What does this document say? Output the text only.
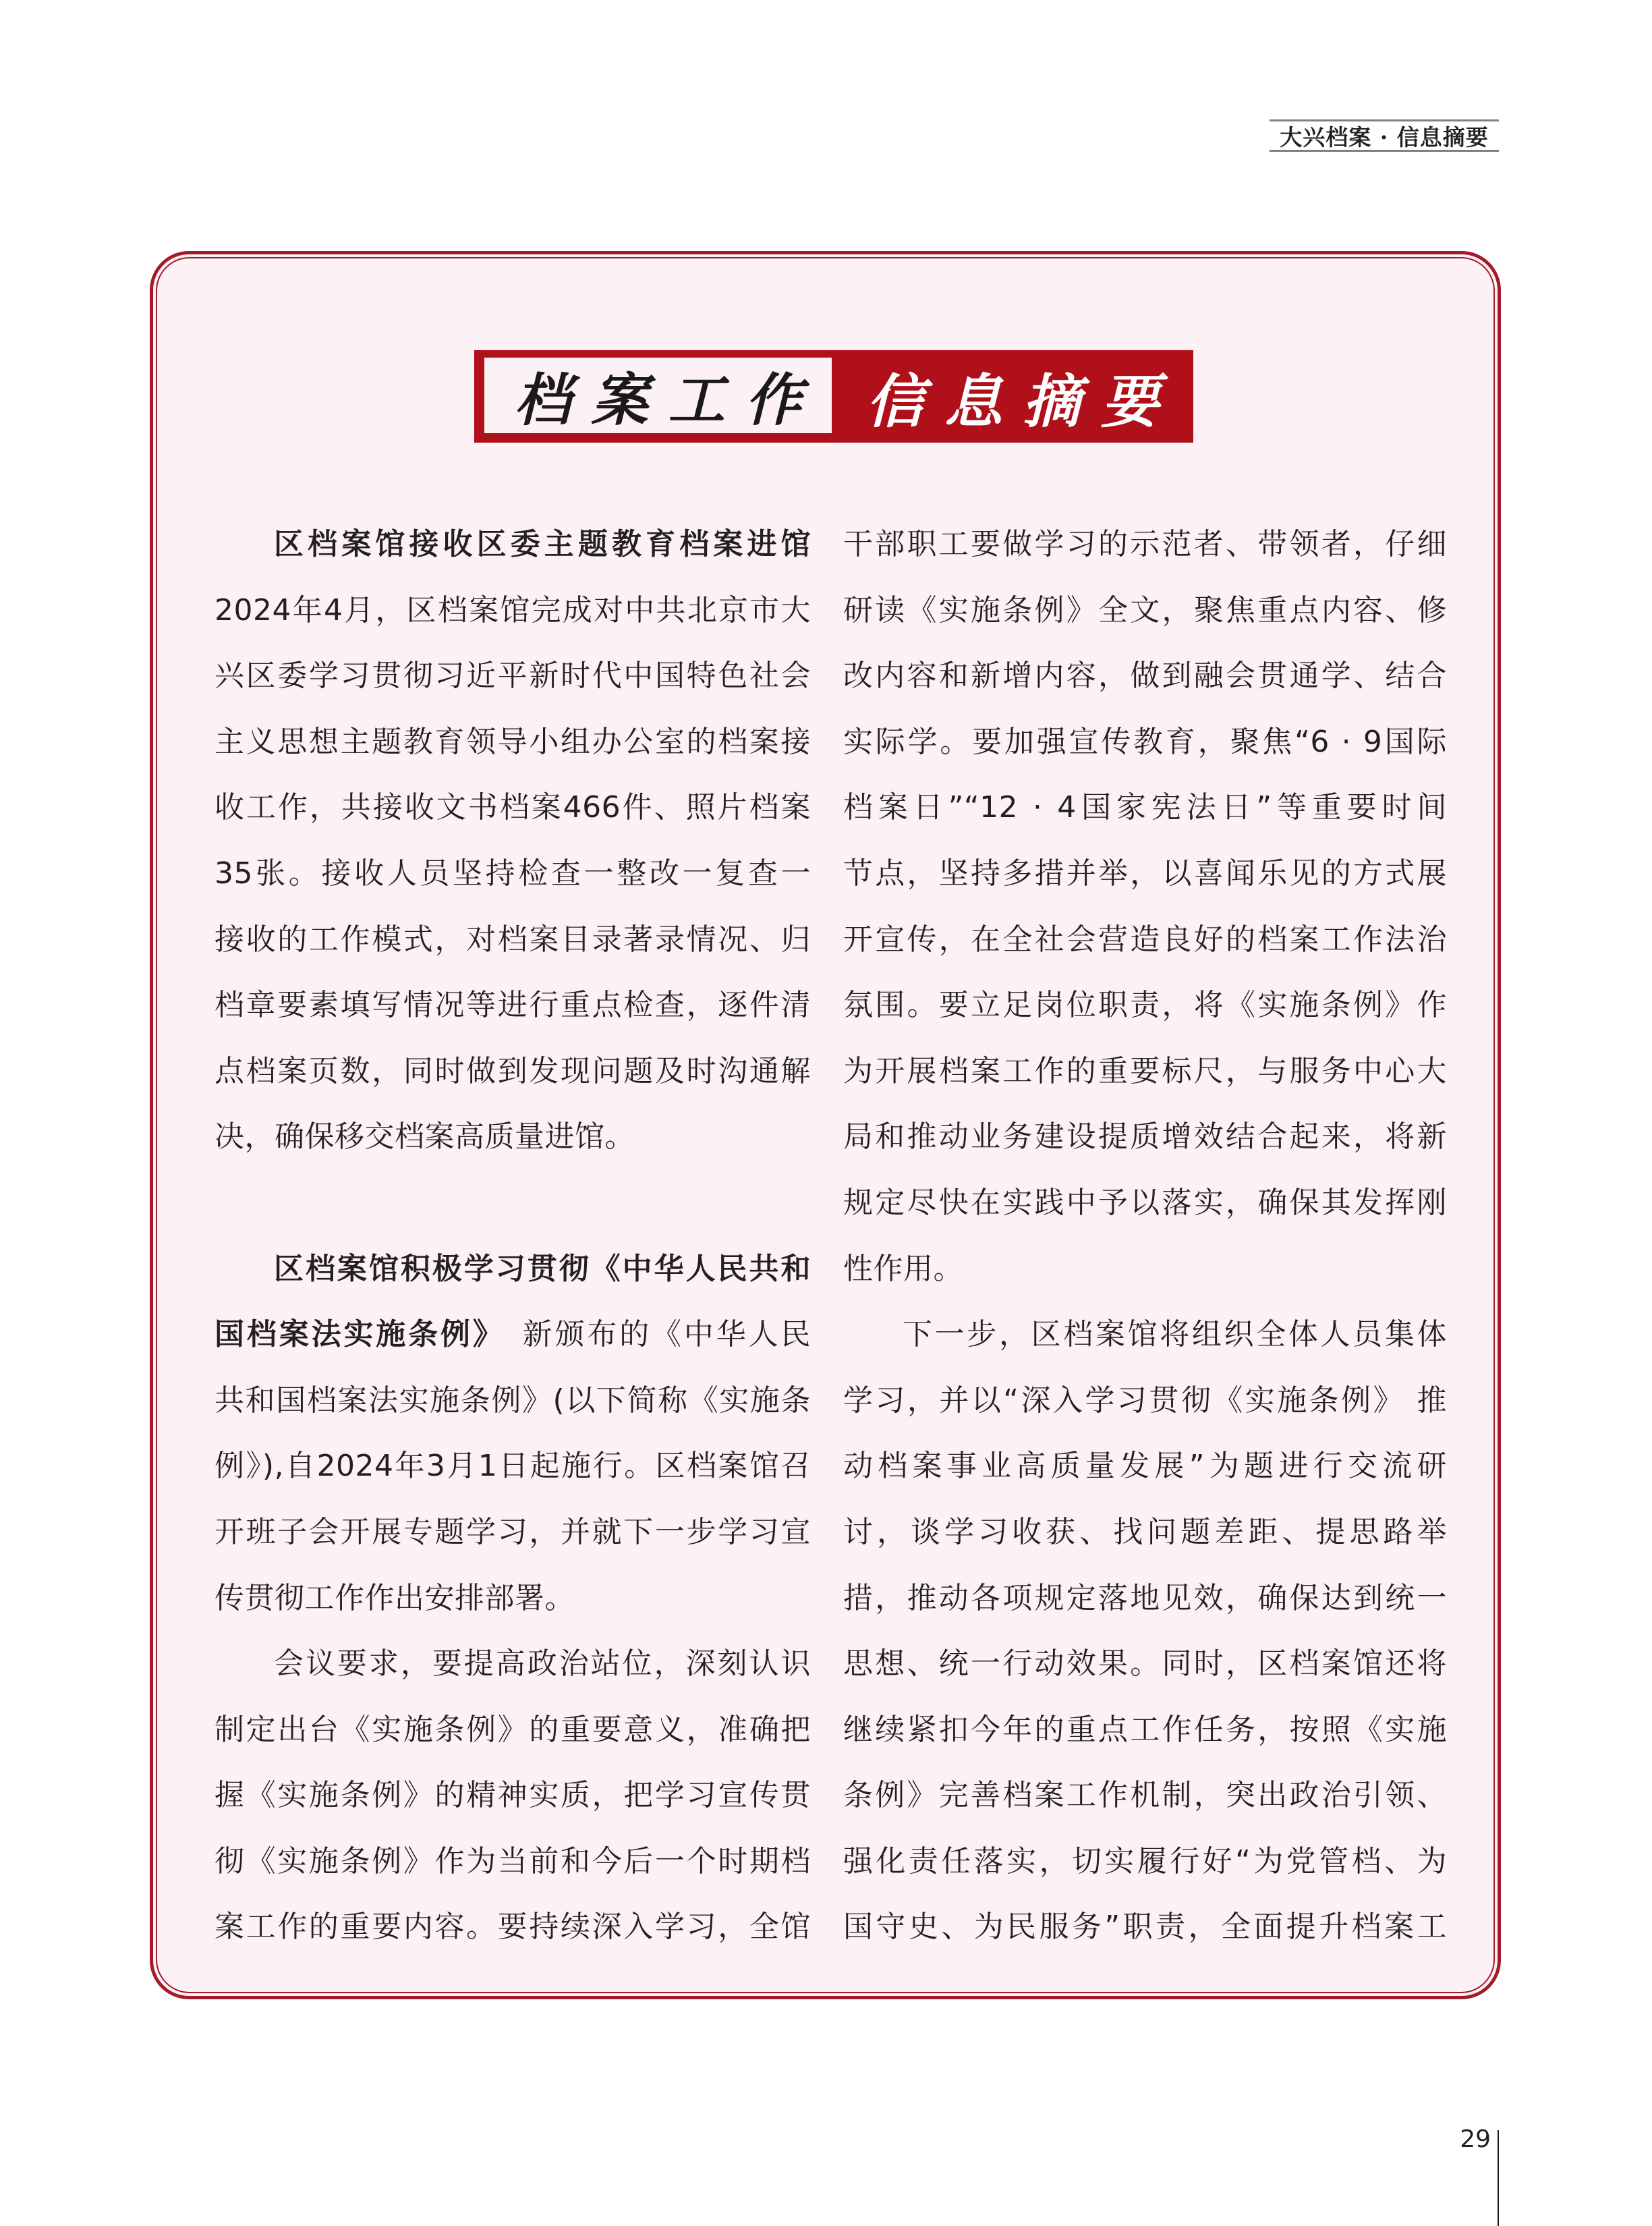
大兴档案 · 信息摘要
档案工作 信息摘要
区档案馆接收区委主题教育档案进馆
2024年4月，区档案馆完成对中共北京市大
兴区委学习贯彻习近平新时代中国特色社会
主义思想主题教育领导小组办公室的档案接
收工作，共接收文书档案466件、照片档案
35张。接收人员坚持检查一整改一复查一
接收的工作模式，对档案目录著录情况、归
档章要素填写情况等进行重点检查，逐件清
点档案页数，同时做到发现问题及时沟通解
决，确保移交档案高质量进馆。

区档案馆积极学习贯彻《中华人民共和
国档案法实施条例》　新颁布的《中华人民
共和国档案法实施条例》(以下简称《实施条
例》),自2024年3月1日起施行。区档案馆召
开班子会开展专题学习，并就下一步学习宣
传贯彻工作作出安排部署。
会议要求，要提高政治站位，深刻认识
制定出台《实施条例》的重要意义，准确把
握《实施条例》的精神实质，把学习宣传贯
彻《实施条例》作为当前和今后一个时期档
案工作的重要内容。要持续深入学习，全馆
干部职工要做学习的示范者、带领者，仔细
研读《实施条例》全文，聚焦重点内容、修
改内容和新增内容，做到融会贯通学、结合
实际学。要加强宣传教育，聚焦“6 · 9国际
档案日”“12 · 4国家宪法日”等重要时间
节点，坚持多措并举，以喜闻乐见的方式展
开宣传，在全社会营造良好的档案工作法治
氛围。要立足岗位职责，将《实施条例》作
为开展档案工作的重要标尺，与服务中心大
局和推动业务建设提质增效结合起来，将新
规定尽快在实践中予以落实，确保其发挥刚
性作用。
下一步，区档案馆将组织全体人员集体
学习，并以“深入学习贯彻《实施条例》 推
动档案事业高质量发展”为题进行交流研
讨，谈学习收获、找问题差距、提思路举
措，推动各项规定落地见效，确保达到统一
思想、统一行动效果。同时，区档案馆还将
继续紧扣今年的重点工作任务，按照《实施
条例》完善档案工作机制，突出政治引领、
强化责任落实，切实履行好“为党管档、为
国守史、为民服务”职责，全面提升档案工
29
